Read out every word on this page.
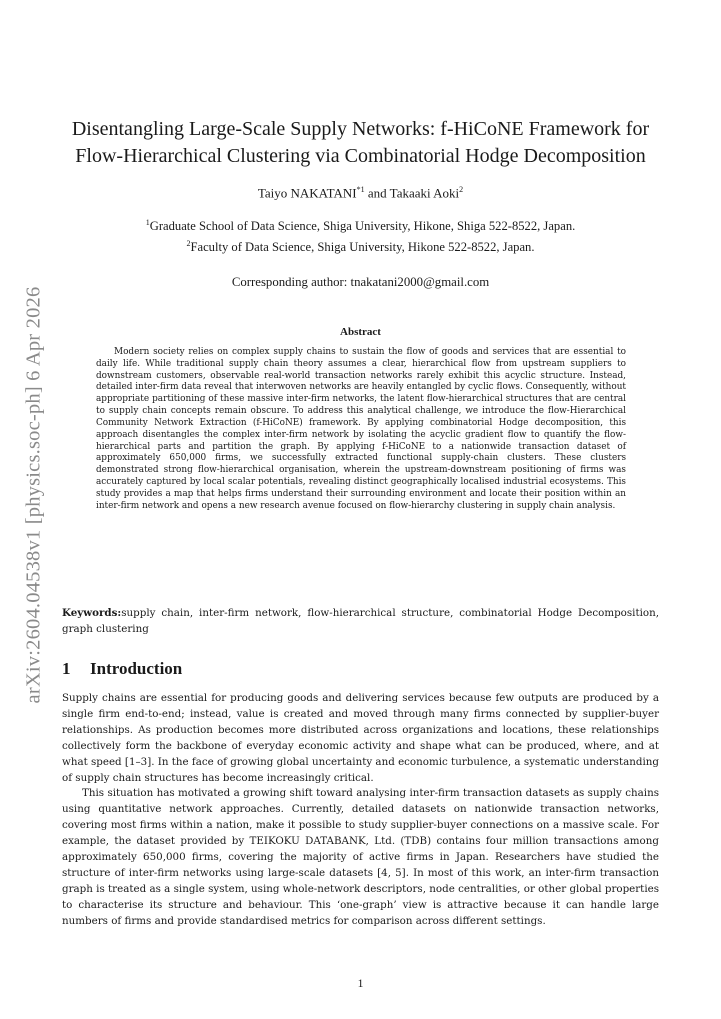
arXiv:2604.04538v1 [physics.soc-ph] 6 Apr 2026
Disentangling Large-Scale Supply Networks: f-HiCoNE Framework for
Flow-Hierarchical Clustering via Combinatorial Hodge Decomposition
Taiyo NAKATANI$^{*1}$ and Takaaki Aoki$^2$
$^1$Graduate School of Data Science, Shiga University, Hikone, Shiga 522-8522, Japan.
$^2$Faculty of Data Science, Shiga University, Hikone 522-8522, Japan.
Corresponding author: tnakatani2000@gmail.com
Abstract
Modern society relies on complex supply chains to sustain the flow of goods and services that are essential to daily life. While traditional supply chain theory assumes a clear, hierarchical flow from upstream suppliers to downstream customers, observable real-world transaction networks rarely exhibit this acyclic structure. Instead, detailed inter-firm data reveal that interwoven networks are heavily entangled by cyclic flows. Consequently, without appropriate partitioning of these massive inter-firm networks, the latent flow-hierarchical structures that are central to supply chain concepts remain obscure. To address this analytical challenge, we introduce the flow-Hierarchical Community Network Extraction (f-HiCoNE) framework. By applying combinatorial Hodge decomposition, this approach disentangles the complex inter-firm network by isolating the acyclic gradient flow to quantify the flow-hierarchical parts and partition the graph. By applying f-HiCoNE to a nationwide transaction dataset of approximately 650,000 firms, we successfully extracted functional supply-chain clusters. These clusters demonstrated strong flow-hierarchical organisation, wherein the upstream-downstream positioning of firms was accurately captured by local scalar potentials, revealing distinct geographically localised industrial ecosystems. This study provides a map that helps firms understand their surrounding environment and locate their position within an inter-firm network and opens a new research avenue focused on flow-hierarchy clustering in supply chain analysis.
Keywords:supply chain, inter-firm network, flow-hierarchical structure, combinatorial Hodge Decomposition, graph clustering
1 Introduction

Supply chains are essential for producing goods and delivering services because few outputs are produced by a single firm end-to-end; instead, value is created and moved through many firms connected by supplier-buyer relationships. As production becomes more distributed across organizations and locations, these relationships collectively form the backbone of everyday economic activity and shape what can be produced, where, and at what speed [1–3]. In the face of growing global uncertainty and economic turbulence, a systematic understanding of supply chain structures has become increasingly critical.

This situation has motivated a growing shift toward analysing inter-firm transaction datasets as supply chains using quantitative network approaches. Currently, detailed datasets on nationwide transaction networks, covering most firms within a nation, make it possible to study supplier-buyer connections on a massive scale. For example, the dataset provided by TEIKOKU DATABANK, Ltd. (TDB) contains four million transactions among approximately 650,000 firms, covering the majority of active firms in Japan. Researchers have studied the structure of inter-firm networks using large-scale datasets [4, 5]. In most of this work, an inter-firm transaction graph is treated as a single system, using whole-network descriptors, node centralities, or other global properties to characterise its structure and behaviour. This ‘one-graph’ view is attractive because it can handle large numbers of firms and provide standardised metrics for comparison across different settings.

1
